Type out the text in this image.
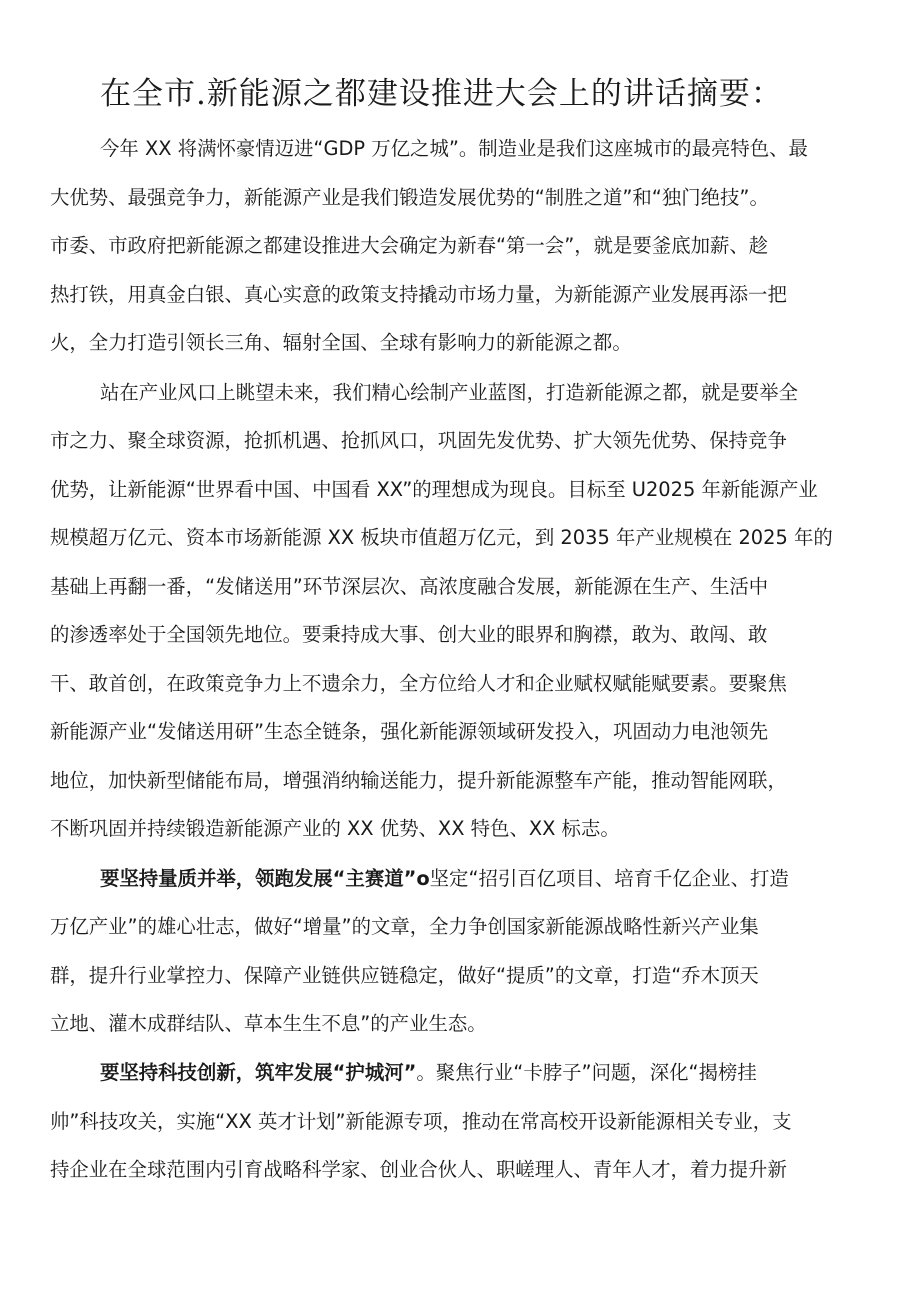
在全市.新能源之都建设推进大会上的讲话摘要：

今年 XX 将满怀豪情迈进“GDP 万亿之城”。制造业是我们这座城市的最亮特色、最

大优势、最强竞争力，新能源产业是我们锻造发展优势的“制胜之道”和“独门绝技”。

市委、市政府把新能源之都建设推进大会确定为新春“第一会”，就是要釜底加薪、趁

热打铁，用真金白银、真心实意的政策支持撬动市场力量，为新能源产业发展再添一把

火，全力打造引领长三角、辐射全国、全球有影响力的新能源之都。

站在产业风口上眺望未来，我们精心绘制产业蓝图，打造新能源之都，就是要举全

市之力、聚全球资源，抢抓机遇、抢抓风口，巩固先发优势、扩大领先优势、保持竞争

优势，让新能源“世界看中国、中国看 XX”的理想成为现良。目标至 U2025 年新能源产业

规模超万亿元、资本市场新能源 XX 板块市值超万亿元，到 2035 年产业规模在 2025 年的

基础上再翻一番，“发储送用”环节深层次、高浓度融合发展，新能源在生产、生活中

的渗透率处于全国领先地位。要秉持成大事、创大业的眼界和胸襟，敢为、敢闯、敢

干、敢首创，在政策竞争力上不遗余力，全方位给人才和企业赋权赋能赋要素。要聚焦

新能源产业“发储送用研”生态全链条，强化新能源领域研发投入，巩固动力电池领先

地位，加快新型储能布局，增强消纳输送能力，提升新能源整车产能，推动智能网联，

不断巩固并持续锻造新能源产业的 XX 优势、XX 特色、XX 标志。

要坚持量质并举，领跑发展“主赛道”o坚定“招引百亿项目、培育千亿企业、打造

万亿产业”的雄心壮志，做好“增量”的文章，全力争创国家新能源战略性新兴产业集

群，提升行业掌控力、保障产业链供应链稳定，做好“提质”的文章，打造“乔木顶天

立地、灌木成群结队、草本生生不息”的产业生态。

要坚持科技创新，筑牢发展“护城河”。聚焦行业“卡脖子”问题，深化“揭榜挂

帅”科技攻关，实施“XX 英才计划”新能源专项，推动在常高校开设新能源相关专业，支

持企业在全球范围内引育战略科学家、创业合伙人、职嵯理人、青年人才，着力提升新
